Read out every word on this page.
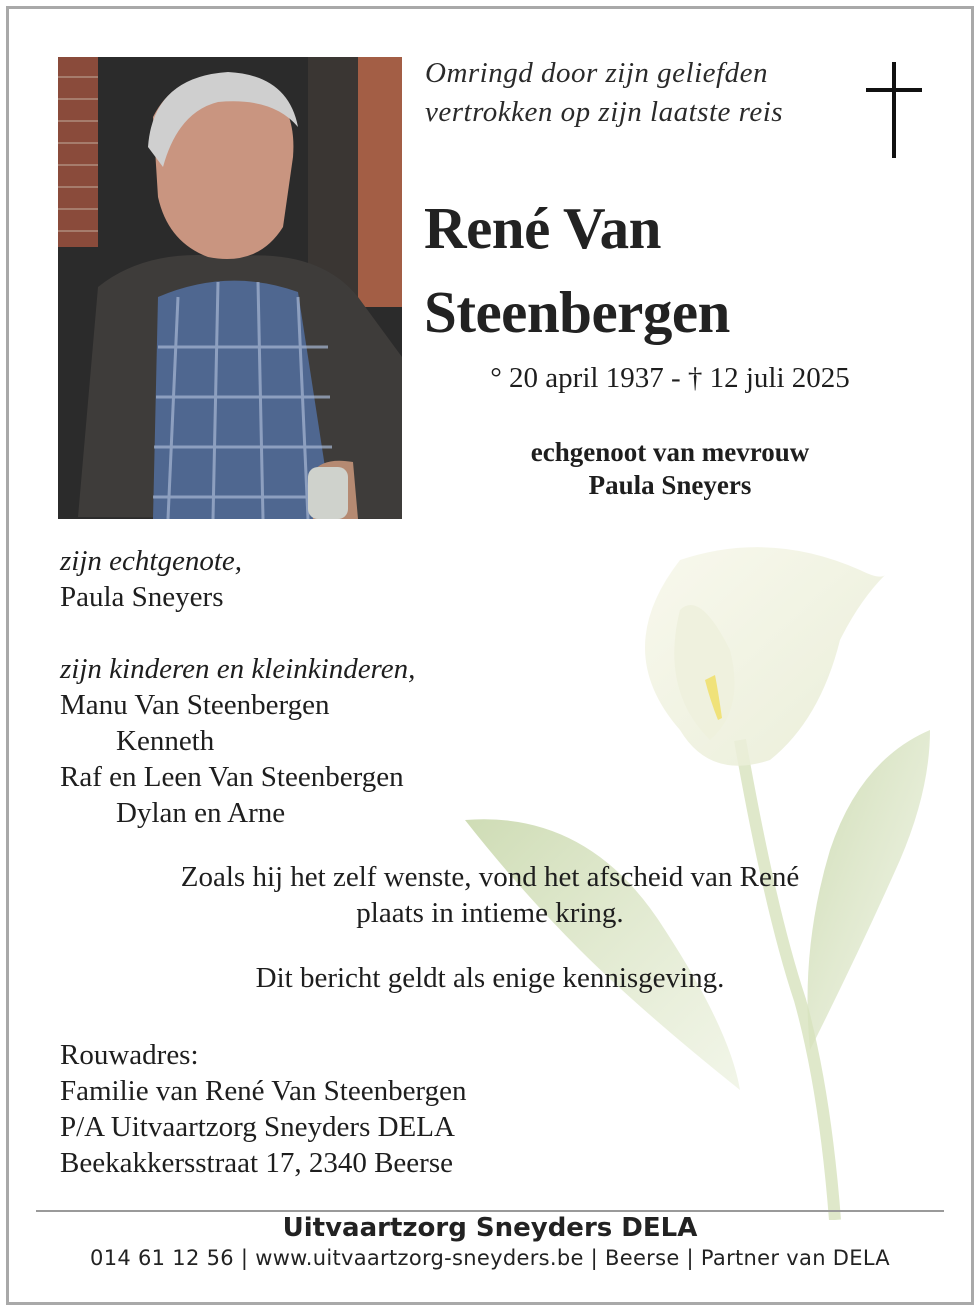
Omringd door zijn geliefden
vertrokken op zijn laatste reis
René Van
Steenbergen
° 20 april 1937 - † 12 juli 2025
echgenoot van mevrouw
Paula Sneyers
zijn echtgenote,
Paula Sneyers
zijn kinderen en kleinkinderen,
Manu Van Steenbergen
Kenneth
Raf en Leen Van Steenbergen
Dylan en Arne
Zoals hij het zelf wenste, vond het afscheid van René
plaats in intieme kring.
Dit bericht geldt als enige kennisgeving.
Rouwadres:
Familie van René Van Steenbergen
P/A Uitvaartzorg Sneyders DELA
Beekakkersstraat 17, 2340 Beerse
Uitvaartzorg Sneyders DELA
014 61 12 56 | www.uitvaartzorg-sneyders.be | Beerse | Partner van DELA
